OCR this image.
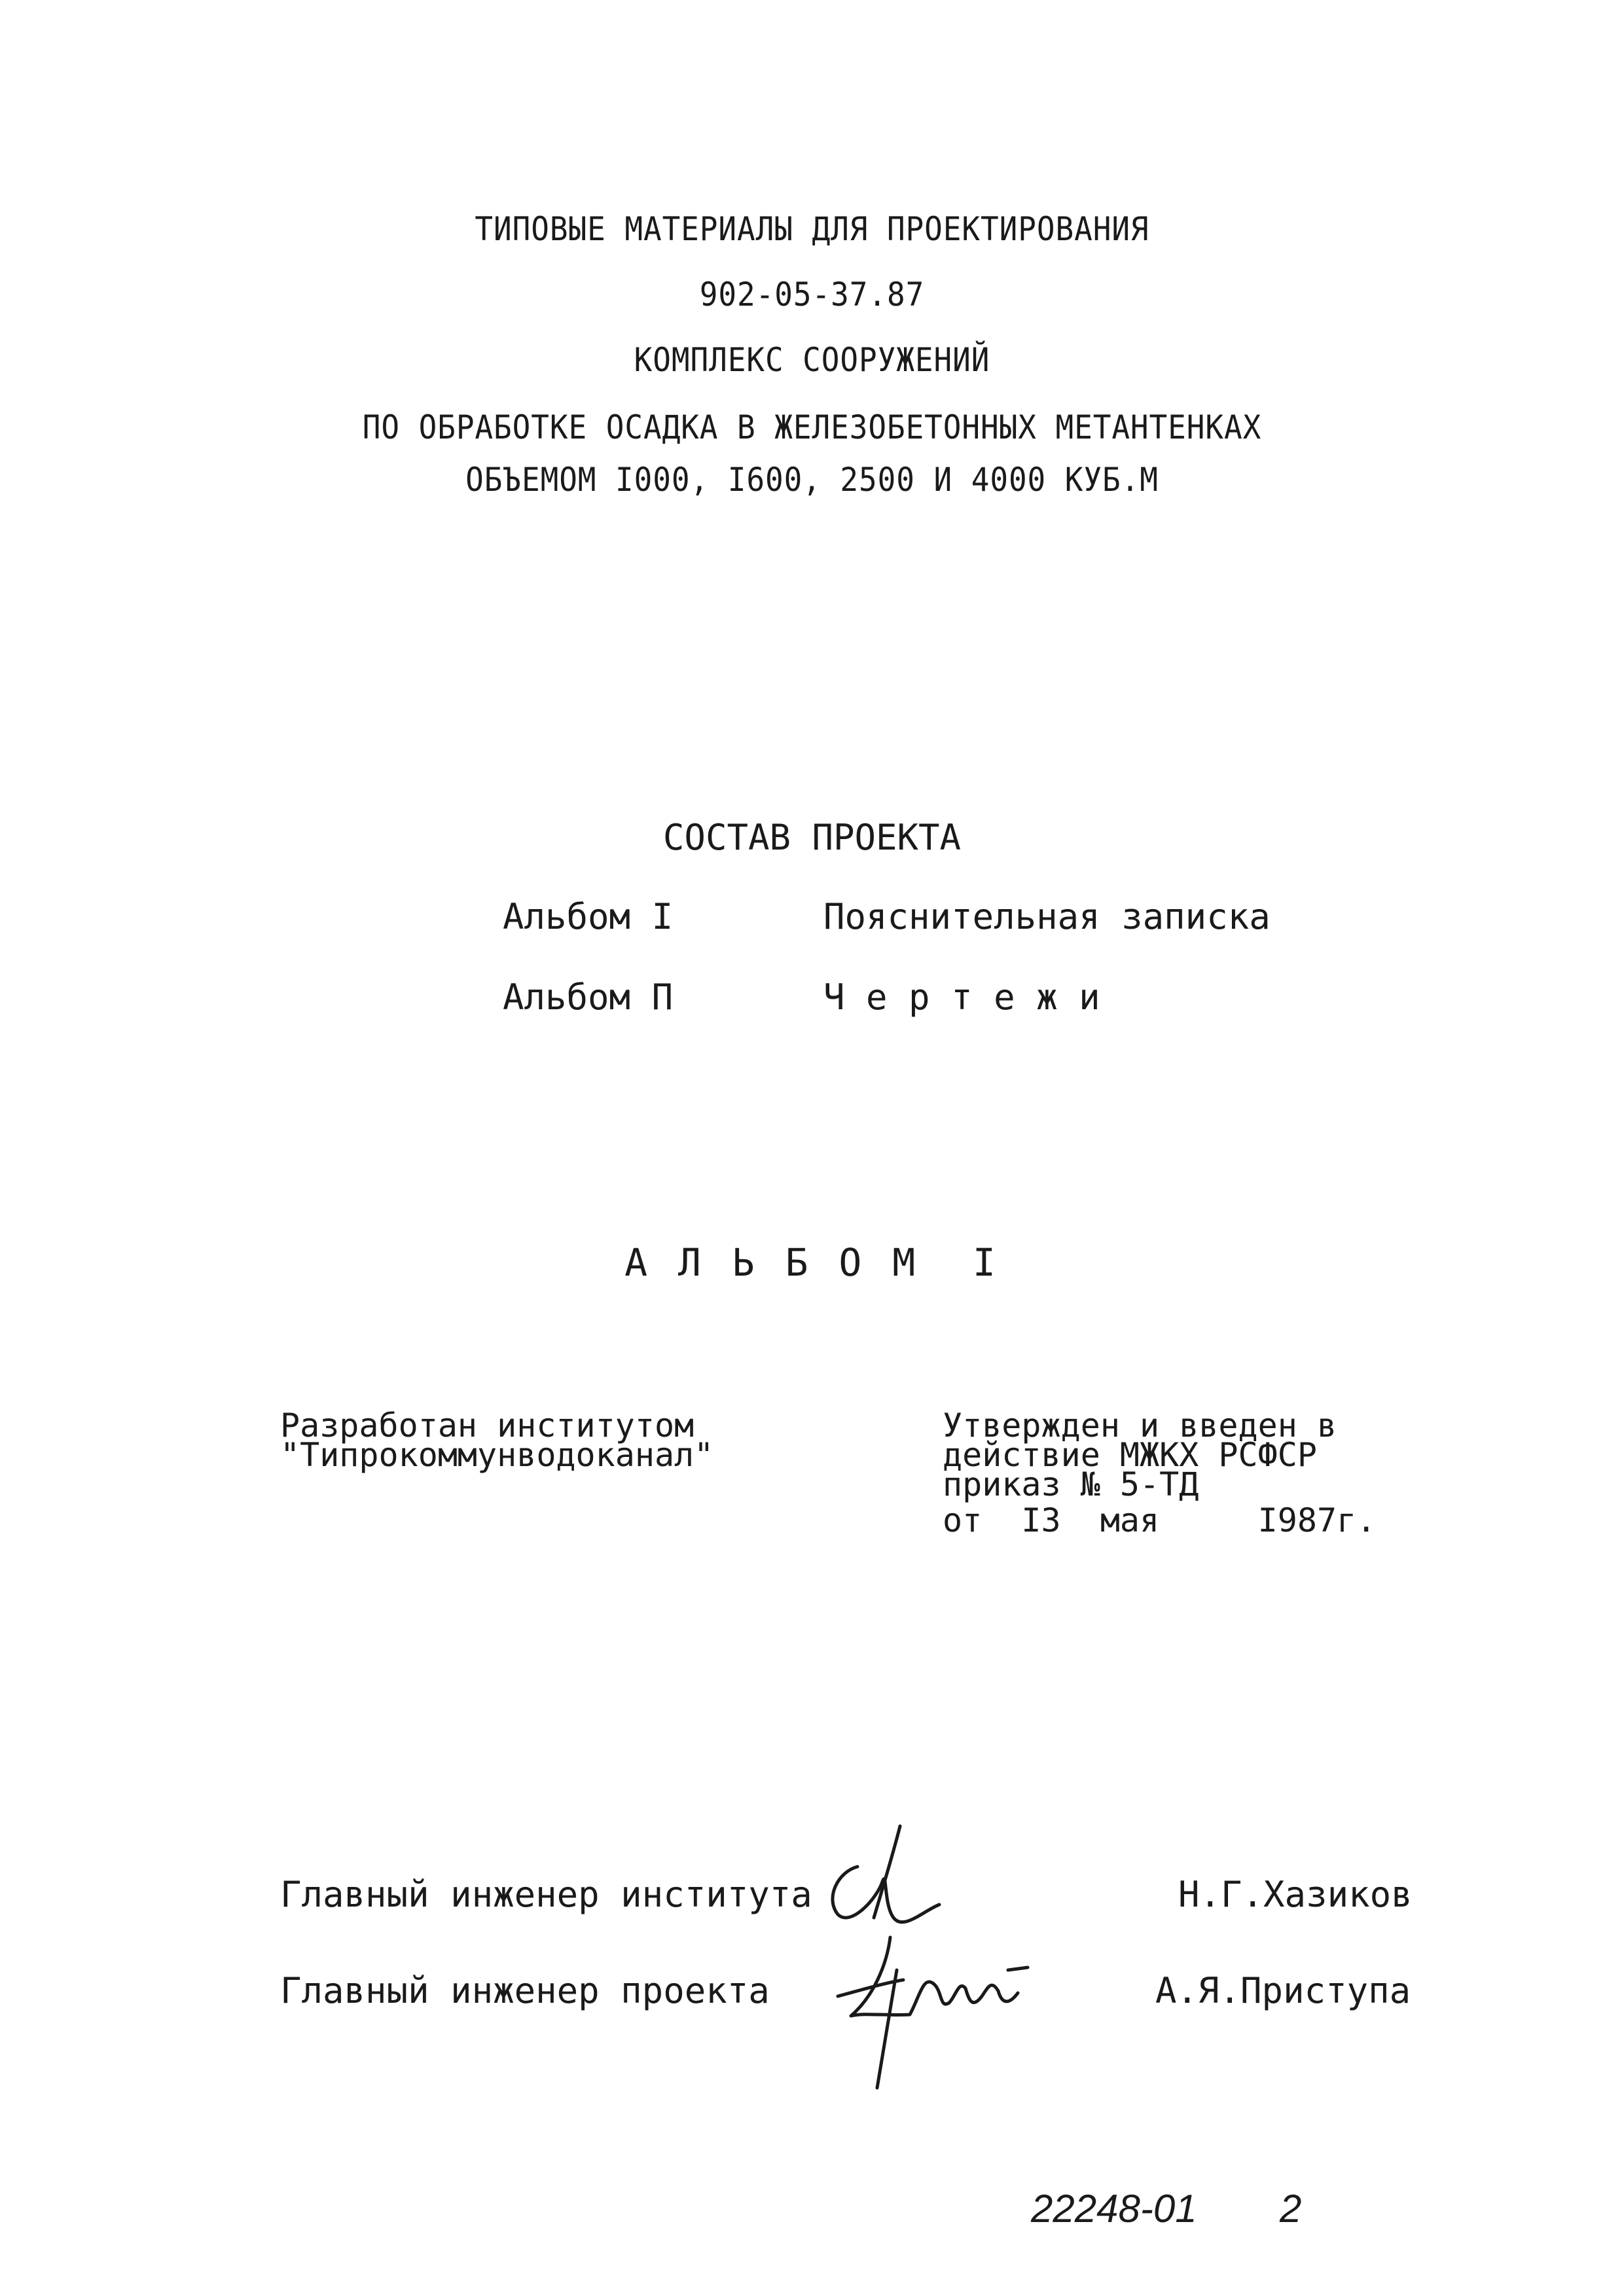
ТИПОВЫЕ МАТЕРИАЛЫ ДЛЯ ПРОЕКТИРОВАНИЯ
902-05-37.87
КОМПЛЕКС СООРУЖЕНИЙ
ПО ОБРАБОТКЕ ОСАДКА В ЖЕЛЕЗОБЕТОННЫХ МЕТАНТЕНКАХ
ОБЪЕМОМ I000, I600, 2500 И 4000 КУБ.М
СОСТАВ ПРОЕКТА
Альбом I	Пояснительная записка
Альбом П	Ч е р т е ж и
А Л Ь Б О М  I
Разработан институтом
"Типрокоммунводоканал"
Утвержден и введен в
действие МЖКХ РСФСР
приказ № 5-ТД
от  I3  мая     I987г.
Главный инженер института	Н.Г.Хазиков
Главный инженер проекта	А.Я.Приступа
22248-01 2
